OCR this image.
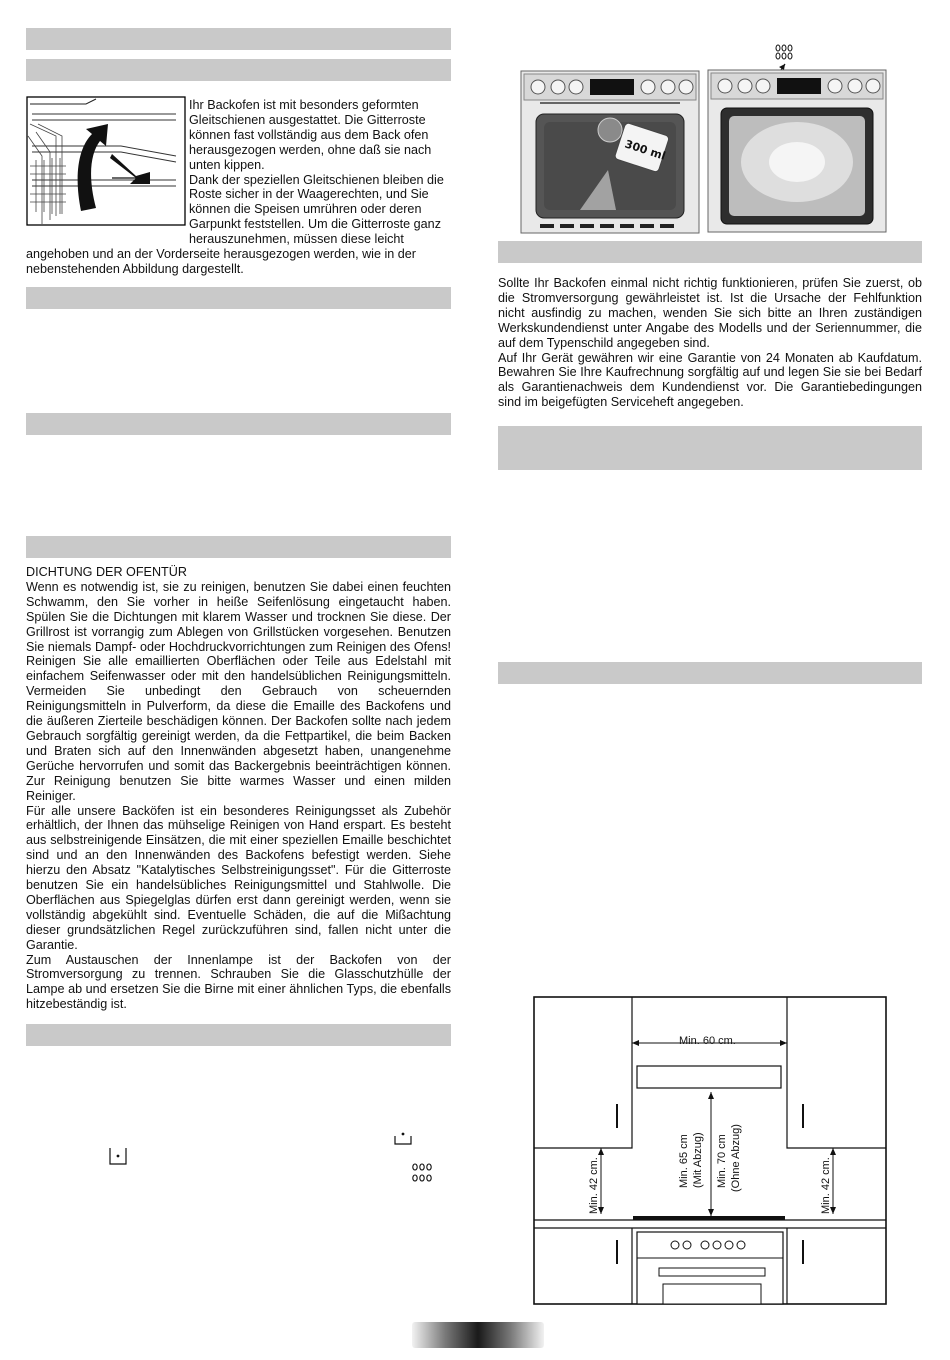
Ihr Backofen ist mit besonders geformten

Gleitschienen ausgestattet. Die Gitterroste

können fast vollständig aus dem Back ofen

herausgezogen werden, ohne daß sie nach

unten kippen.

Dank der speziellen Gleitschienen bleiben die

Roste sicher in der Waagerechten, und Sie

können die Speisen umrühren oder deren

Garpunkt feststellen. Um die Gitterroste ganz

herauszunehmen, müssen diese leicht

angehoben und an der Vorderseite herausgezogen werden, wie in der

nebenstehenden Abbildung dargestellt.

DICHTUNG DER OFENTÜR

Wenn es notwendig ist, sie zu reinigen, benutzen Sie dabei einen feuchten Schwamm, den Sie vorher in heiße Seifenlösung eingetaucht haben. Spülen Sie die Dichtungen mit klarem Wasser und trocknen Sie diese. Der Grillrost ist vorrangig zum Ablegen von Grillstücken vorgesehen. Benutzen Sie niemals Dampf- oder Hochdruckvorrichtungen zum Reinigen des Ofens! Reinigen Sie alle emaillierten Oberflächen oder Teile aus Edelstahl mit einfachem Seifenwasser oder mit den handelsüblichen Reinigungsmitteln. Vermeiden Sie unbedingt den Gebrauch von scheuernden Reinigungsmitteln in Pulverform, da diese die Emaille des Backofens und die äußeren Zierteile beschädigen können. Der Backofen sollte nach jedem Gebrauch sorgfältig gereinigt werden, da die Fettpartikel, die beim Backen und Braten sich auf den Innenwänden abgesetzt haben, unangenehme Gerüche hervorrufen und somit das Backergebnis beeinträchtigen können. Zur Reinigung benutzen Sie bitte warmes Wasser und einen milden Reiniger.

Für alle unsere Backöfen ist ein besonderes Reinigungsset als Zubehör erhältlich, der Ihnen das mühselige Reinigen von Hand erspart. Es besteht aus selbstreinigende Einsätzen, die mit einer speziellen Emaille beschichtet sind und an den Innenwänden des Backofens befestigt werden. Siehe hierzu den Absatz "Katalytisches Selbstreinigungsset". Für die Gitterroste benutzen Sie ein handelsübliches Reinigungsmittel und Stahlwolle. Die Oberflächen aus Spiegelglas dürfen erst dann gereinigt werden, wenn sie vollständig abgekühlt sind. Eventuelle Schäden, die auf die Mißachtung dieser grundsätzlichen Regel zurückzuführen sind, fallen nicht unter die Garantie.

Zum Austauschen der Innenlampe ist der Backofen von der Stromversorgung zu trennen. Schrauben Sie die Glasschutzhülle der Lampe ab und ersetzen Sie die Birne mit einer ähnlichen Typs, die ebenfalls hitzebeständig ist.

300 ml

Sollte Ihr Backofen einmal nicht richtig funktionieren, prüfen Sie zuerst, ob die Stromversorgung gewährleistet ist. Ist die Ursache der Fehlfunktion nicht ausfindig zu machen, wenden Sie sich bitte an Ihren zuständigen Werkskundendienst unter Angabe des Modells und der Seriennummer, die auf dem Typenschild angegeben sind.

Auf Ihr Gerät gewähren wir eine Garantie von 24 Monaten ab Kaufdatum. Bewahren Sie Ihre Kaufrechnung sorgfältig auf und legen Sie sie bei Bedarf als Garantienachweis dem Kundendienst vor. Die Garantiebedingungen sind im beigefügten Serviceheft angegeben.

Min. 60 cm.
Min. 42 cm.	Min. 42 cm.
Min. 65 cm (Mit Abzug) Min. 70 cm (Ohne Abzug)
